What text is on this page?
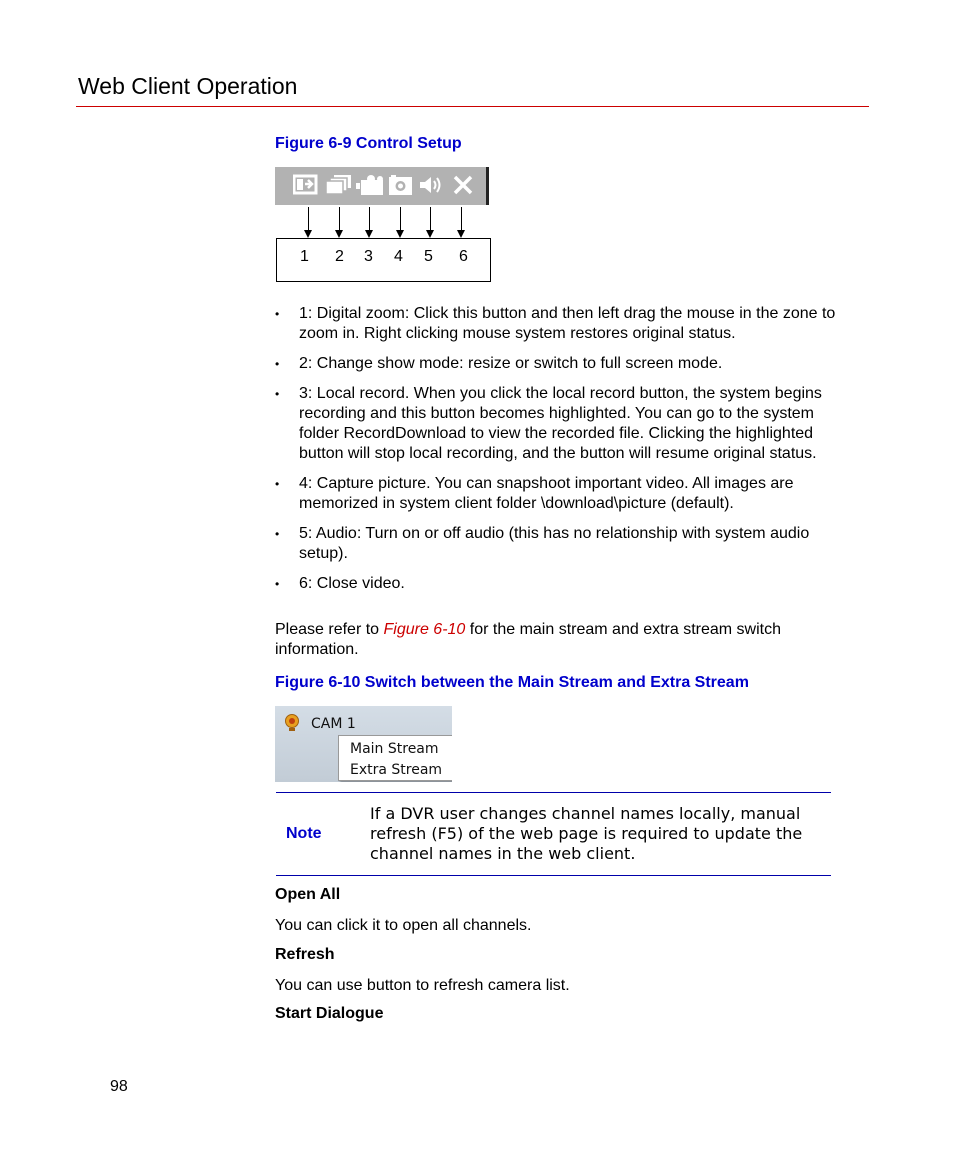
Web Client Operation
Figure 6-9 Control Setup
1 2 3 4 5 6
• 1: Digital zoom: Click this button and then left drag the mouse in the zone to zoom in. Right clicking mouse system restores original status.
• 2: Change show mode: resize or switch to full screen mode.
• 3: Local record. When you click the local record button, the system begins recording and this button becomes highlighted. You can go to the system folder RecordDownload to view the recorded file. Clicking the highlighted button will stop local recording, and the button will resume original status.
• 4: Capture picture. You can snapshoot important video. All images are memorized in system client folder \download\picture (default).
• 5: Audio: Turn on or off audio (this has no relationship with system audio setup).
• 6: Close video.
Please refer to Figure 6-10 for the main stream and extra stream switch information.
Figure 6-10 Switch between the Main Stream and Extra Stream
CAM 1
Main Stream
Extra Stream
Note
If a DVR user changes channel names locally, manual refresh (F5) of the web page is required to update the channel names in the web client.
Open All
You can click it to open all channels.
Refresh
You can use button to refresh camera list.
Start Dialogue
98
